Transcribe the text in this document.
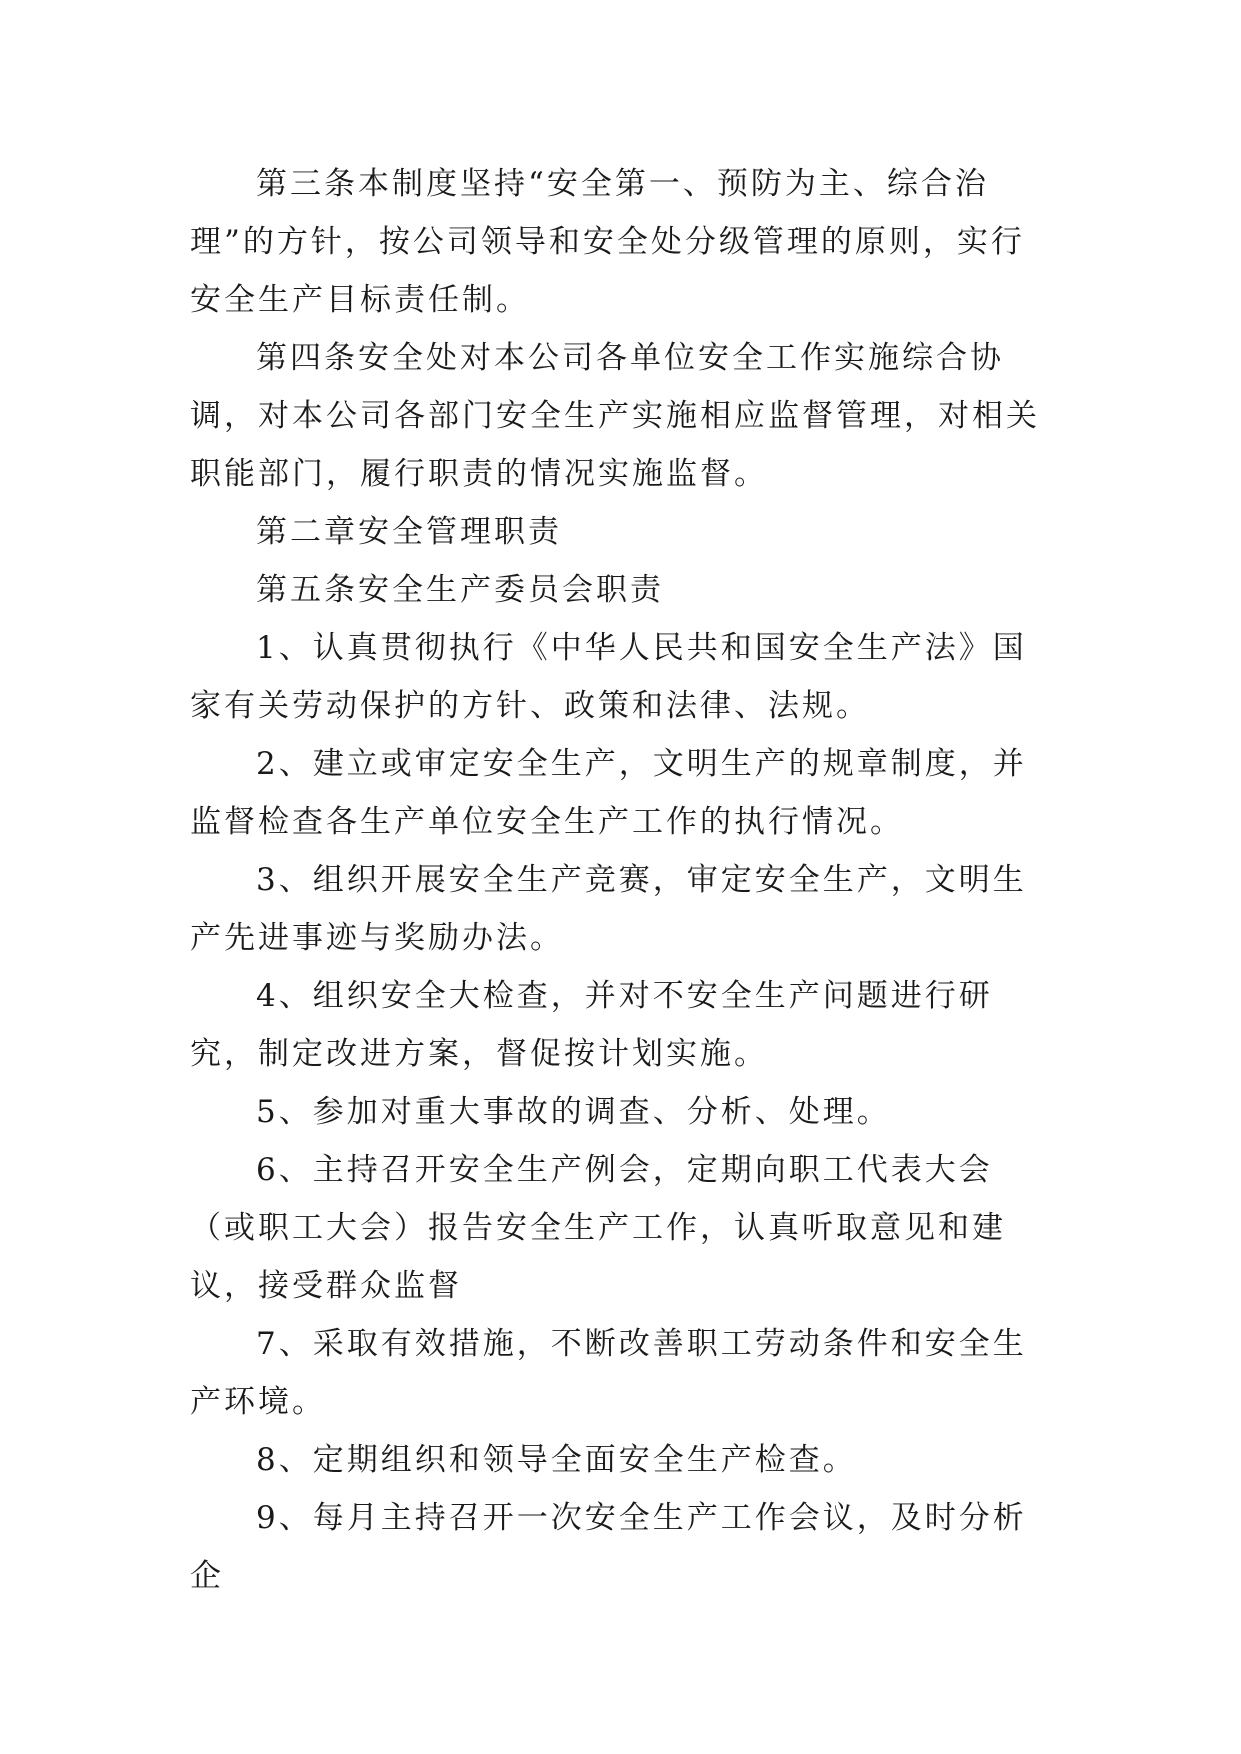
第三条本制度坚持“安全第一、预防为主、综合治理”的方针，按公司领导和安全处分级管理的原则，实行安全生产目标责任制。

第四条安全处对本公司各单位安全工作实施综合协调，对本公司各部门安全生产实施相应监督管理，对相关职能部门，履行职责的情况实施监督。

第二章安全管理职责

第五条安全生产委员会职责

1、认真贯彻执行《中华人民共和国安全生产法》国家有关劳动保护的方针、政策和法律、法规。

2、建立或审定安全生产，文明生产的规章制度，并监督检查各生产单位安全生产工作的执行情况。

3、组织开展安全生产竞赛，审定安全生产，文明生产先进事迹与奖励办法。

4、组织安全大检查，并对不安全生产问题进行研究，制定改进方案，督促按计划实施。

5、参加对重大事故的调查、分析、处理。

6、主持召开安全生产例会，定期向职工代表大会（或职工大会）报告安全生产工作，认真听取意见和建议，接受群众监督

7、采取有效措施，不断改善职工劳动条件和安全生产环境。

8、定期组织和领导全面安全生产检查。

9、每月主持召开一次安全生产工作会议，及时分析企
